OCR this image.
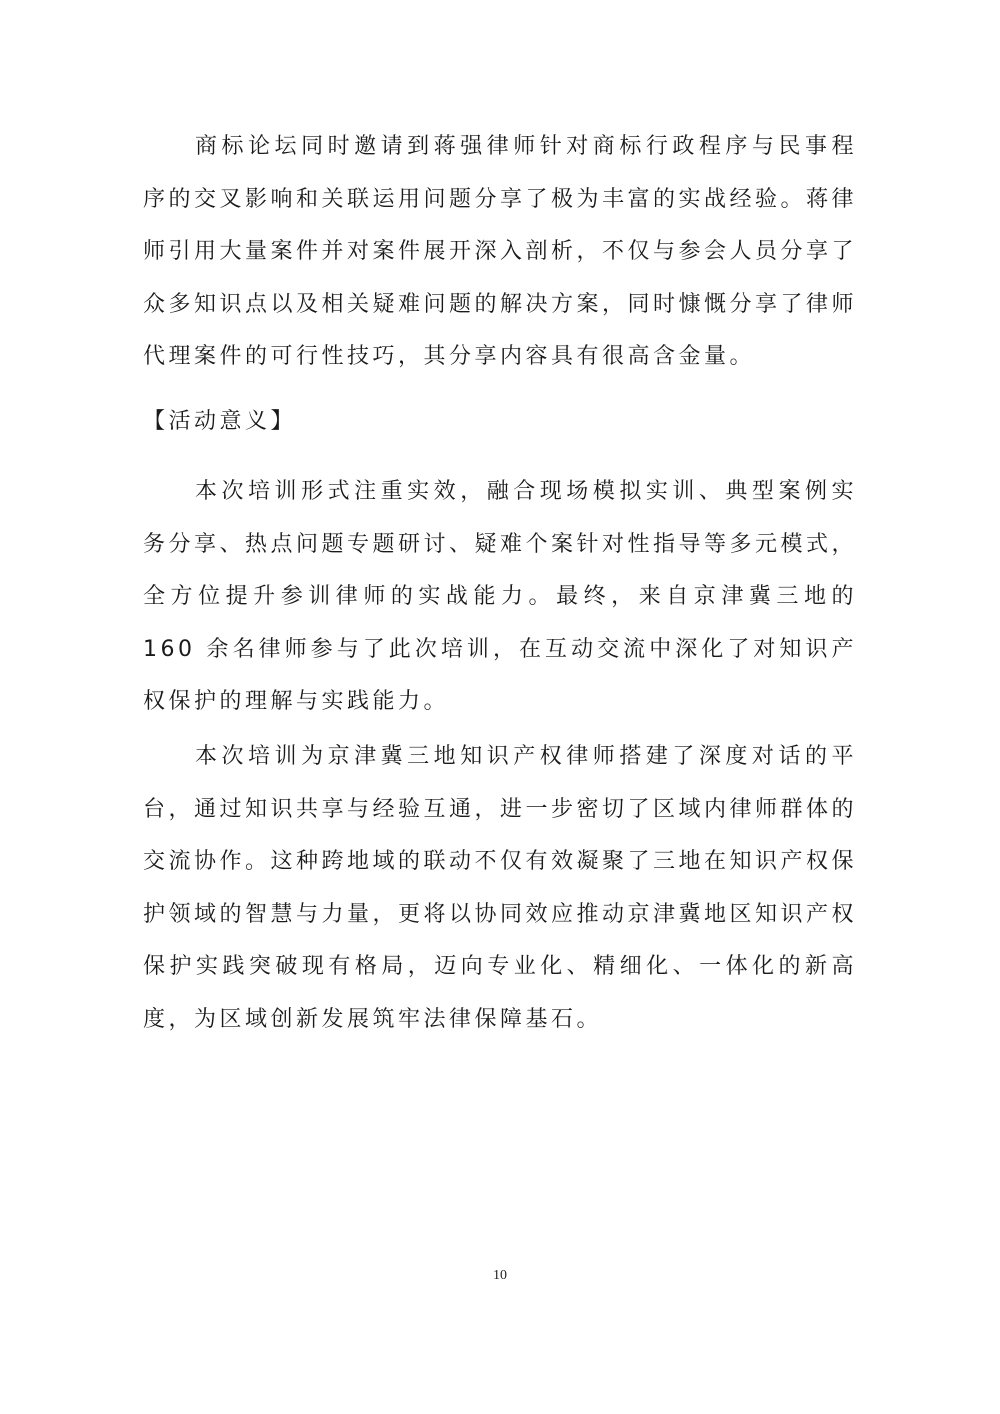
商标论坛同时邀请到蒋强律师针对商标行政程序与民事程序的交叉影响和关联运用问题分享了极为丰富的实战经验。蒋律师引用大量案件并对案件展开深入剖析，不仅与参会人员分享了众多知识点以及相关疑难问题的解决方案，同时慷慨分享了律师代理案件的可行性技巧，其分享内容具有很高含金量。

【活动意义】

本次培训形式注重实效，融合现场模拟实训、典型案例实务分享、热点问题专题研讨、疑难个案针对性指导等多元模式，全方位提升参训律师的实战能力。最终，来自京津冀三地的 160 余名律师参与了此次培训，在互动交流中深化了对知识产权保护的理解与实践能力。

本次培训为京津冀三地知识产权律师搭建了深度对话的平台，通过知识共享与经验互通，进一步密切了区域内律师群体的交流协作。这种跨地域的联动不仅有效凝聚了三地在知识产权保护领域的智慧与力量，更将以协同效应推动京津冀地区知识产权保护实践突破现有格局，迈向专业化、精细化、一体化的新高度，为区域创新发展筑牢法律保障基石。

10
